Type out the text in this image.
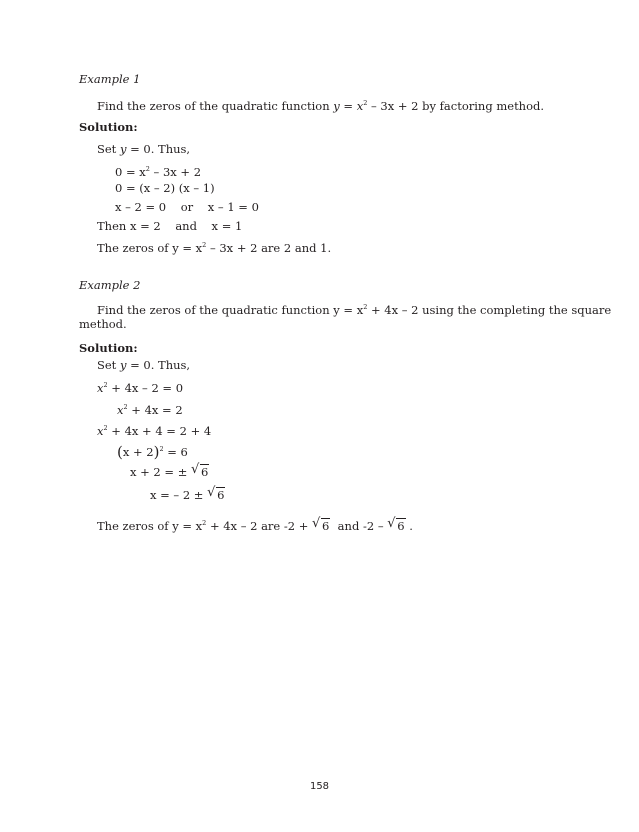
Example 1
Find the zeros of the quadratic function $y = x^2 - 3x + 2$ by factoring method.
Solution:
Set y = 0. Thus,
$0 = x^2 - 3x + 2$
0 = (x – 2) (x – 1)
x – 2 = 0    or    x – 1 = 0
Then x = 2    and    x = 1
The zeros of $y = x^2 - 3x + 2$ are 2 and 1.
Example 2
Find the zeros of the quadratic function $y = x^2 + 4x - 2$ using the completing the square
method.
Solution:
Set y = 0. Thus,
$x^2 + 4x - 2 = 0$
$x^2 + 4x = 2$
$x^2 + 4x + 4 = 2 + 4$
$(x + 2)^2 = 6$
x + 2 = ± √ 6
x = – 2 ± √ 6
The zeros of $y = x^2 + 4x - 2$ are -2 + √ 6  and -2 – √ 6 .
158
